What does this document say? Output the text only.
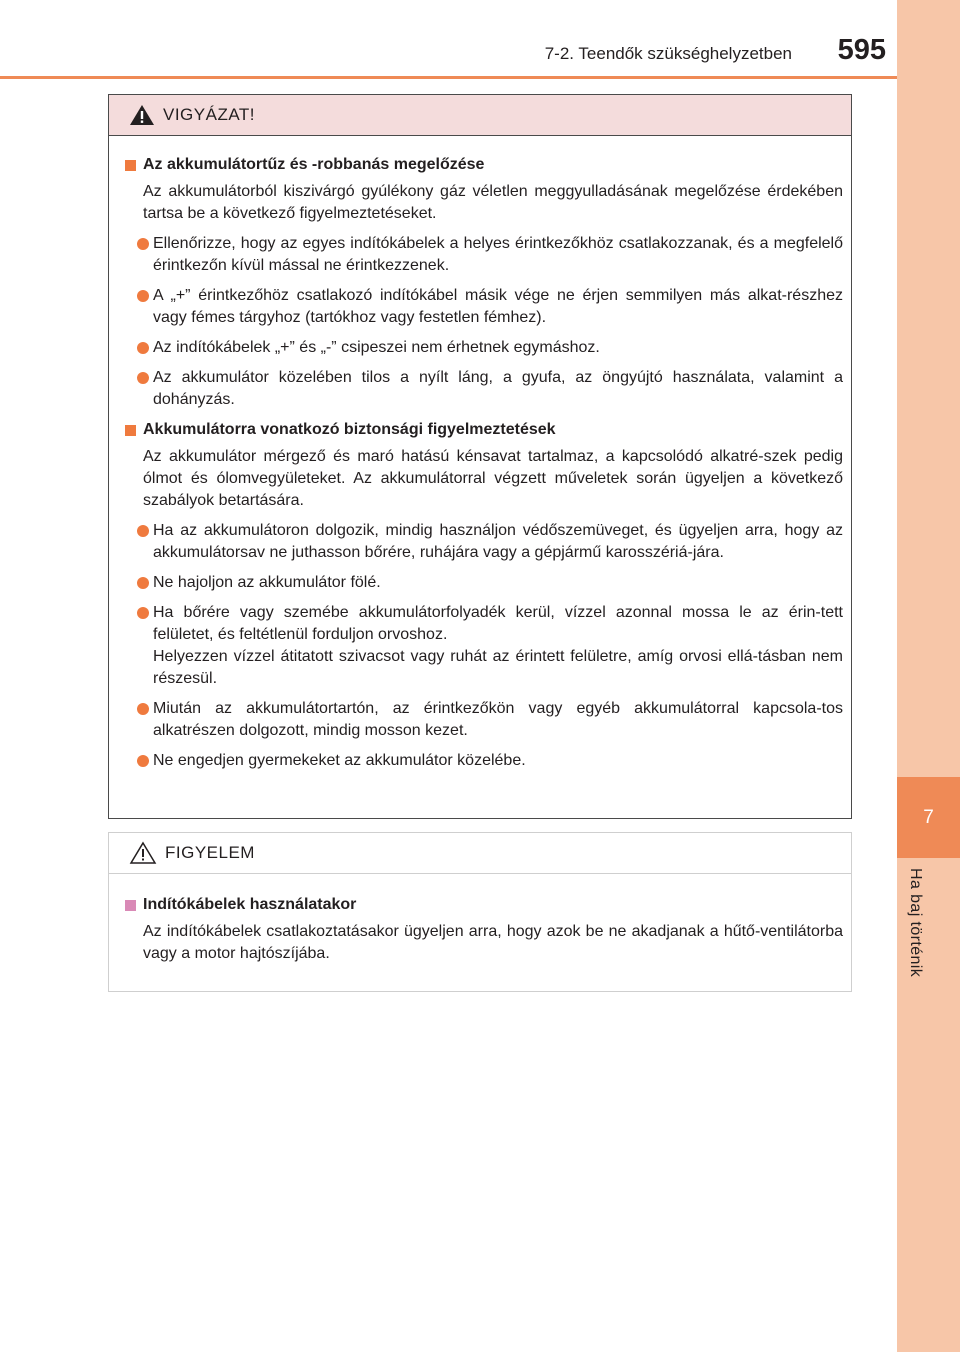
7
Ha baj történik
7-2. Teendők szükséghelyzetben	595
VIGYÁZAT!
Az akkumulátortűz és -robbanás megelőzése
Az akkumulátorból kiszivárgó gyúlékony gáz véletlen meggyulladásának megelőzése érdekében tartsa be a következő figyelmeztetéseket.
Ellenőrizze, hogy az egyes indítókábelek a helyes érintkezőkhöz csatlakozzanak, és a megfelelő érintkezőn kívül mással ne érintkezzenek.
A „+” érintkezőhöz csatlakozó indítókábel másik vége ne érjen semmilyen más alkat-részhez vagy fémes tárgyhoz (tartókhoz vagy festetlen fémhez).
Az indítókábelek „+” és „-” csipeszei nem érhetnek egymáshoz.
Az akkumulátor közelében tilos a nyílt láng, a gyufa, az öngyújtó használata, valamint a dohányzás.
Akkumulátorra vonatkozó biztonsági figyelmeztetések
Az akkumulátor mérgező és maró hatású kénsavat tartalmaz, a kapcsolódó alkatré-szek pedig ólmot és ólomvegyületeket. Az akkumulátorral végzett műveletek során ügyeljen a következő szabályok betartására.
Ha az akkumulátoron dolgozik, mindig használjon védőszemüveget, és ügyeljen arra, hogy az akkumulátorsav ne juthasson bőrére, ruhájára vagy a gépjármű karosszériá-jára.
Ne hajoljon az akkumulátor fölé.
Ha bőrére vagy szemébe akkumulátorfolyadék kerül, vízzel azonnal mossa le az érin-tett felületet, és feltétlenül forduljon orvoshoz.
Helyezzen vízzel átitatott szivacsot vagy ruhát az érintett felületre, amíg orvosi ellá-tásban nem részesül.
Miután az akkumulátortartón, az érintkezőkön vagy egyéb akkumulátorral kapcsola-tos alkatrészen dolgozott, mindig mosson kezet.
Ne engedjen gyermekeket az akkumulátor közelébe.
FIGYELEM
Indítókábelek használatakor
Az indítókábelek csatlakoztatásakor ügyeljen arra, hogy azok be ne akadjanak a hűtő-ventilátorba vagy a motor hajtószíjába.
